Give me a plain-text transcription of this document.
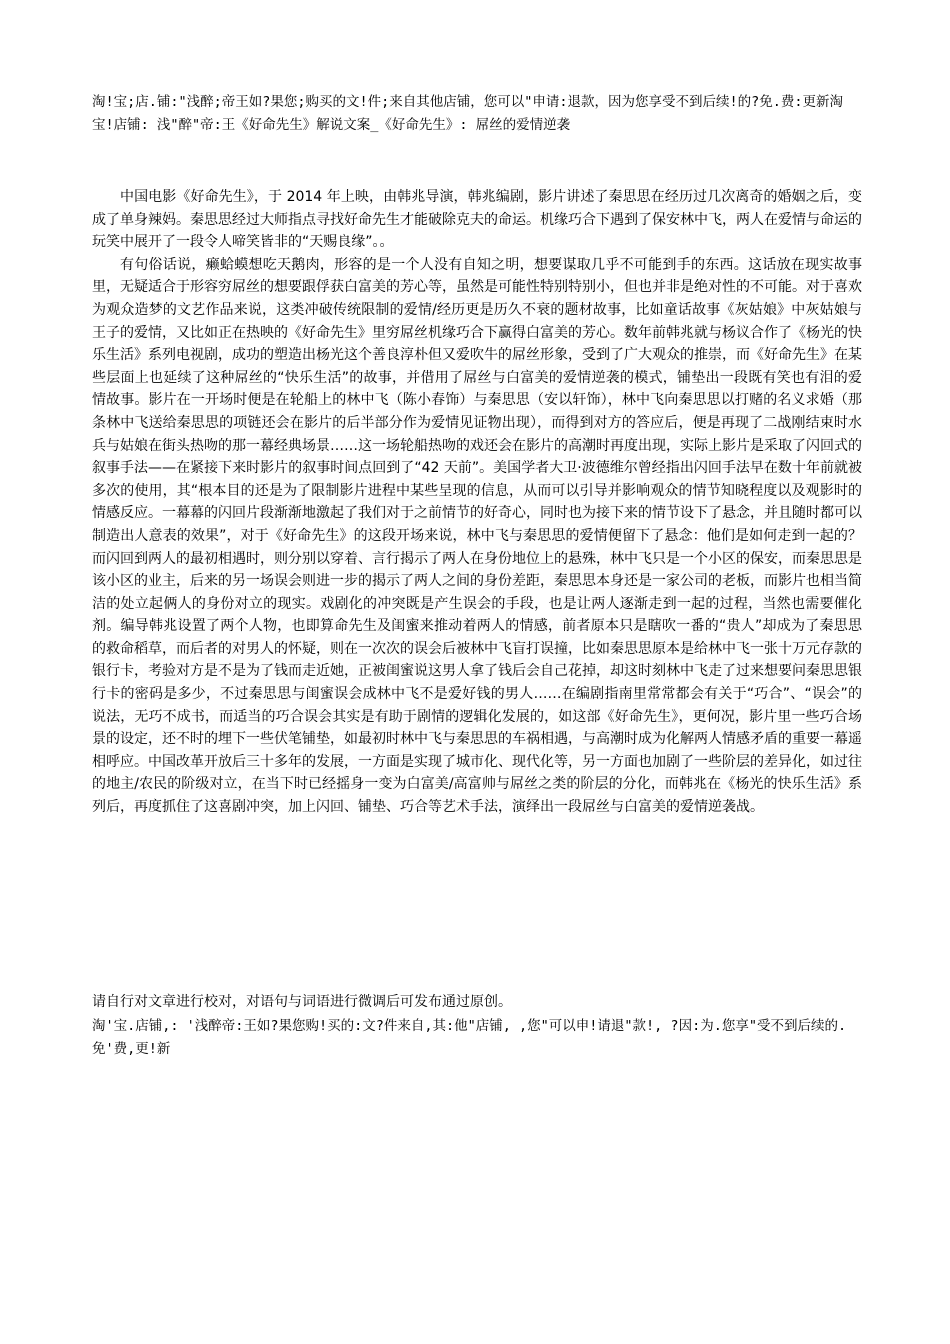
淘!宝;店.铺:"浅醉;帝王如?果您;购买的文!件;来自其他店铺，您可以"申请:退款，因为您享受不到后续!的?免.费:更新淘宝!店铺: 浅"醉"帝:王《好命先生》解说文案_《好命先生》: 屌丝的爱情逆袭

中国电影《好命先生》，于 2014 年上映，由韩兆导演，韩兆编剧，影片讲述了秦思思在经历过几次离奇的婚姻之后，变成了单身辣妈。秦思思经过大师指点寻找好命先生才能破除克夫的命运。机缘巧合下遇到了保安林中飞，两人在爱情与命运的玩笑中展开了一段令人啼笑皆非的“天赐良缘”。。

有句俗话说，癞蛤蟆想吃天鹅肉，形容的是一个人没有自知之明，想要谋取几乎不可能到手的东西。这话放在现实故事里，无疑适合于形容穷屌丝的想要跟俘获白富美的芳心等，虽然是可能性特别特别小，但也并非是绝对性的不可能。对于喜欢为观众造梦的文艺作品来说，这类冲破传统限制的爱情/经历更是历久不衰的题材故事，比如童话故事《灰姑娘》中灰姑娘与王子的爱情，又比如正在热映的《好命先生》里穷屌丝机缘巧合下赢得白富美的芳心。数年前韩兆就与杨议合作了《杨光的快乐生活》系列电视剧，成功的塑造出杨光这个善良淳朴但又爱吹牛的屌丝形象，受到了广大观众的推崇，而《好命先生》在某些层面上也延续了这种屌丝的“快乐生活”的故事，并借用了屌丝与白富美的爱情逆袭的模式，铺垫出一段既有笑也有泪的爱情故事。影片在一开场时便是在轮船上的林中飞（陈小春饰）与秦思思（安以轩饰），林中飞向秦思思以打赌的名义求婚（那条林中飞送给秦思思的项链还会在影片的后半部分作为爱情见证物出现），而得到对方的答应后，便是再现了二战刚结束时水兵与姑娘在街头热吻的那一幕经典场景……这一场轮船热吻的戏还会在影片的高潮时再度出现，实际上影片是采取了闪回式的叙事手法——在紧接下来时影片的叙事时间点回到了“42 天前”。美国学者大卫·波德维尔曾经指出闪回手法早在数十年前就被多次的使用，其“根本目的还是为了限制影片进程中某些呈现的信息，从而可以引导并影响观众的情节知晓程度以及观影时的情感反应。一幕幕的闪回片段渐渐地激起了我们对于之前情节的好奇心，同时也为接下来的情节设下了悬念，并且随时都可以制造出人意表的效果”，对于《好命先生》的这段开场来说，林中飞与秦思思的爱情便留下了悬念：他们是如何走到一起的？而闪回到两人的最初相遇时，则分别以穿着、言行揭示了两人在身份地位上的悬殊，林中飞只是一个小区的保安，而秦思思是该小区的业主，后来的另一场误会则进一步的揭示了两人之间的身份差距，秦思思本身还是一家公司的老板，而影片也相当简洁的处立起俩人的身份对立的现实。戏剧化的冲突既是产生误会的手段，也是让两人逐渐走到一起的过程，当然也需要催化剂。编导韩兆设置了两个人物，也即算命先生及闺蜜来推动着两人的情感，前者原本只是瞎吹一番的“贵人”却成为了秦思思的救命稻草，而后者的对男人的怀疑，则在一次次的误会后被林中飞盲打误撞，比如秦思思原本是给林中飞一张十万元存款的银行卡，考验对方是不是为了钱而走近她，正被闺蜜说这男人拿了钱后会自己花掉，却这时刻林中飞走了过来想要问秦思思银行卡的密码是多少，不过秦思思与闺蜜误会成林中飞不是爱好钱的男人……在编剧指南里常常都会有关于“巧合”、“误会”的说法，无巧不成书，而适当的巧合误会其实是有助于剧情的逻辑化发展的，如这部《好命先生》，更何况，影片里一些巧合场景的设定，还不时的埋下一些伏笔铺垫，如最初时林中飞与秦思思的车祸相遇，与高潮时成为化解两人情感矛盾的重要一幕遥相呼应。中国改革开放后三十多年的发展，一方面是实现了城市化、现代化等，另一方面也加剧了一些阶层的差异化，如过往的地主/农民的阶级对立，在当下时已经摇身一变为白富美/高富帅与屌丝之类的阶层的分化，而韩兆在《杨光的快乐生活》系列后，再度抓住了这喜剧冲突，加上闪回、铺垫、巧合等艺术手法，演绎出一段屌丝与白富美的爱情逆袭战。

请自行对文章进行校对，对语句与词语进行微调后可发布通过原创。
淘'宝.店铺,: '浅醉帝:王如?果您购!买的:文?件来自,其:他"店铺, ,您"可以申!请退"款!, ?因:为.您享"受不到后续的.免'费,更!新
